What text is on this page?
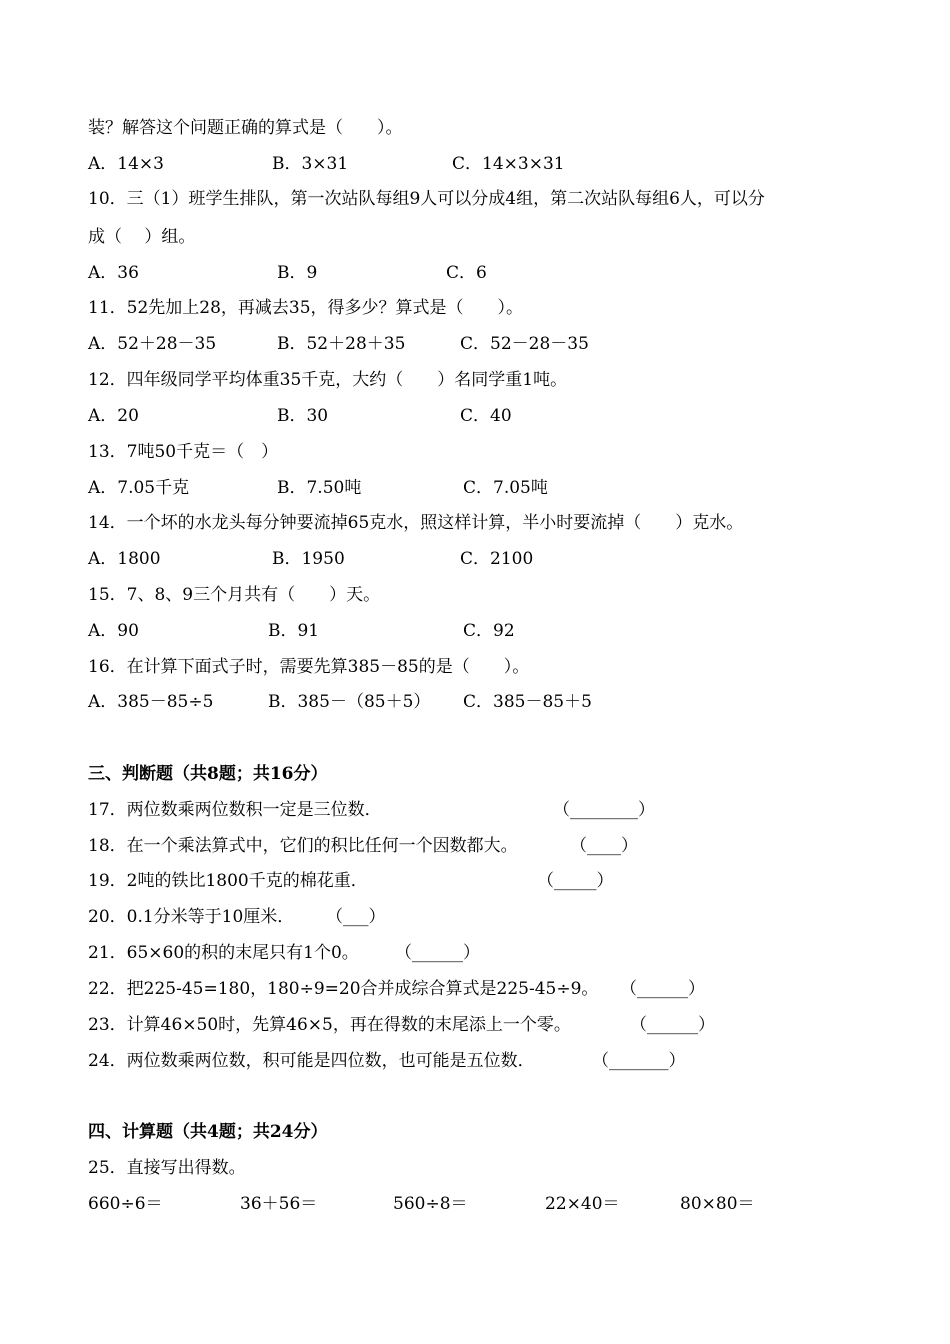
装？解答这个问题正确的算式是（　　）。
A．14×3	B．3×31	C．14×3×31
10．三（1）班学生排队，第一次站队每组9人可以分成4组，第二次站队每组6人，可以分
成（　 ）组。
A．36	B．9	C．6
11．52先加上28，再减去35，得多少？算式是（　　）。
A．52＋28－35	B．52＋28＋35	C．52－28－35
12．四年级同学平均体重35千克，大约（　　）名同学重1吨。
A．20	B．30	C．40
13．7吨50千克＝（　）
A．7.05千克	B．7.50吨	C．7.05吨
14．一个坏的水龙头每分钟要流掉65克水，照这样计算，半小时要流掉（　　）克水。
A．1800	B．1950	C．2100
15．7、8、9三个月共有（　　）天。
A．90	B．91	C．92
16．在计算下面式子时，需要先算385－85的是（　　）。
A．385－85÷5	B．385－（85＋5） C．385－85＋5
三、判断题（共8题；共16分）
17．两位数乘两位数积一定是三位数．	（________）
18．在一个乘法算式中，它们的积比任何一个因数都大。	（____）
19．2吨的铁比1800千克的棉花重．	（_____）
20．0.1分米等于10厘米． （___）
21．65×60的积的末尾只有1个0。 （______）
22．把225-45=180，180÷9=20合并成综合算式是225-45÷9。 （______）
23．计算46×50时，先算46×5，再在得数的末尾添上一个零。	（______）
24．两位数乘两位数，积可能是四位数，也可能是五位数．	（_______）
四、计算题（共4题；共24分）
25．直接写出得数。
660÷6＝	36＋56＝	560÷8＝	22×40＝	80×80＝
